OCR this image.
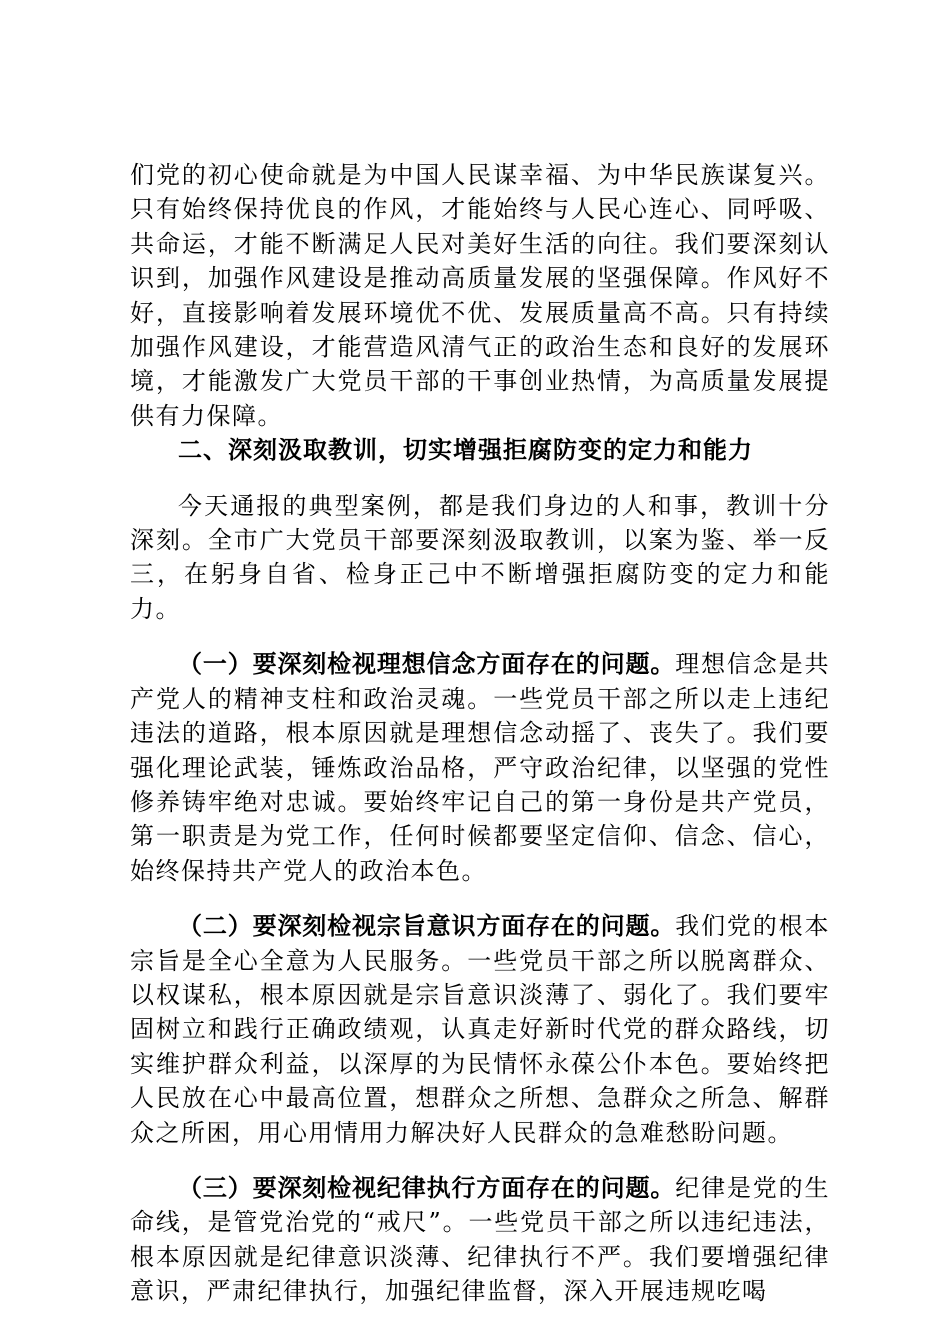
们党的初心使命就是为中国人民谋幸福、为中华民族谋复兴。只有始终保持优良的作风，才能始终与人民心连心、同呼吸、共命运，才能不断满足人民对美好生活的向往。我们要深刻认识到，加强作风建设是推动高质量发展的坚强保障。作风好不好，直接影响着发展环境优不优、发展质量高不高。只有持续加强作风建设，才能营造风清气正的政治生态和良好的发展环境，才能激发广大党员干部的干事创业热情，为高质量发展提供有力保障。

二、深刻汲取教训，切实增强拒腐防变的定力和能力

今天通报的典型案例，都是我们身边的人和事，教训十分深刻。全市广大党员干部要深刻汲取教训，以案为鉴、举一反三，在躬身自省、检身正己中不断增强拒腐防变的定力和能力。

（一）要深刻检视理想信念方面存在的问题。理想信念是共产党人的精神支柱和政治灵魂。一些党员干部之所以走上违纪违法的道路，根本原因就是理想信念动摇了、丧失了。我们要强化理论武装，锤炼政治品格，严守政治纪律，以坚强的党性修养铸牢绝对忠诚。要始终牢记自己的第一身份是共产党员，第一职责是为党工作，任何时候都要坚定信仰、信念、信心，始终保持共产党人的政治本色。

（二）要深刻检视宗旨意识方面存在的问题。我们党的根本宗旨是全心全意为人民服务。一些党员干部之所以脱离群众、以权谋私，根本原因就是宗旨意识淡薄了、弱化了。我们要牢固树立和践行正确政绩观，认真走好新时代党的群众路线，切实维护群众利益，以深厚的为民情怀永葆公仆本色。要始终把人民放在心中最高位置，想群众之所想、急群众之所急、解群众之所困，用心用情用力解决好人民群众的急难愁盼问题。

（三）要深刻检视纪律执行方面存在的问题。纪律是党的生命线，是管党治党的“戒尺”。一些党员干部之所以违纪违法，根本原因就是纪律意识淡薄、纪律执行不严。我们要增强纪律意识，严肃纪律执行，加强纪律监督，深入开展违规吃喝
